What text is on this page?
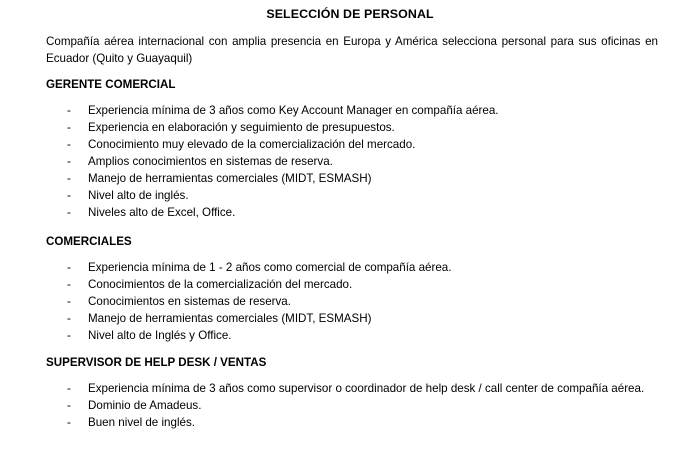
SELECCIÓN DE PERSONAL
Compañía aérea internacional con amplia presencia en Europa y América selecciona personal para sus oficinas en Ecuador (Quito y Guayaquil)
GERENTE COMERCIAL
- Experiencia mínima de 3 años como Key Account Manager en compañía aérea.
- Experiencia en elaboración y seguimiento de presupuestos.
- Conocimiento muy elevado de la comercialización del mercado.
- Amplios conocimientos en sistemas de reserva.
- Manejo de herramientas comerciales (MIDT, ESMASH)
- Nivel alto de inglés.
- Niveles alto de Excel, Office.
COMERCIALES
- Experiencia mínima de 1 - 2 años como comercial de compañía aérea.
- Conocimientos de la comercialización del mercado.
- Conocimientos en sistemas de reserva.
- Manejo de herramientas comerciales (MIDT, ESMASH)
- Nivel alto de Inglés y Office.
SUPERVISOR DE HELP DESK / VENTAS
- Experiencia mínima de 3 años como supervisor o coordinador de help desk / call center de compañía aérea.
- Dominio de Amadeus.
- Buen nivel de inglés.
